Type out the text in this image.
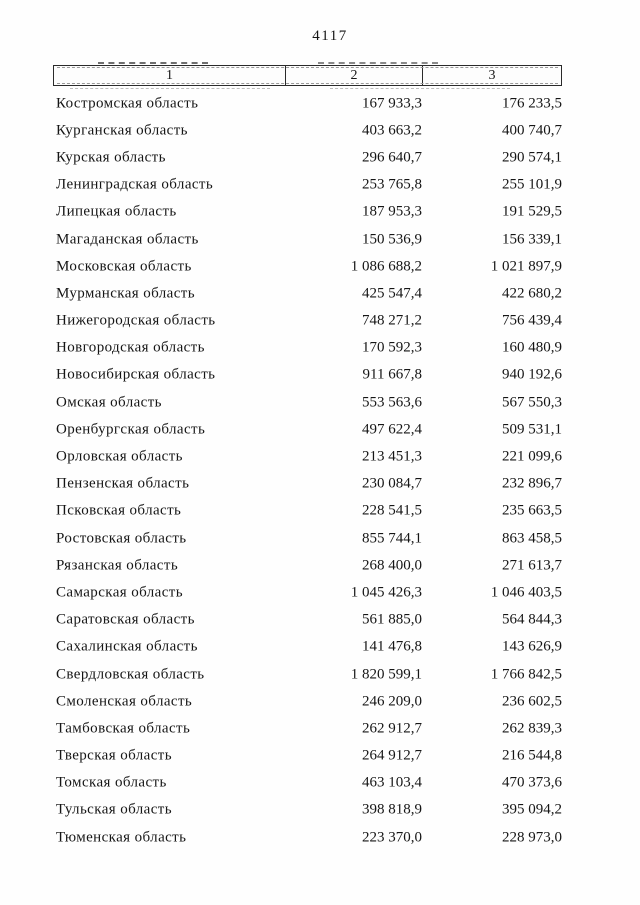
4117
1	2	3
Костромская область	167 933,3	176 233,5
Курганская область	403 663,2	400 740,7
Курская область	296 640,7	290 574,1
Ленинградская область	253 765,8	255 101,9
Липецкая область	187 953,3	191 529,5
Магаданская область	150 536,9	156 339,1
Московская область	1 086 688,2	1 021 897,9
Мурманская область	425 547,4	422 680,2
Нижегородская область	748 271,2	756 439,4
Новгородская область	170 592,3	160 480,9
Новосибирская область	911 667,8	940 192,6
Омская область	553 563,6	567 550,3
Оренбургская область	497 622,4	509 531,1
Орловская область	213 451,3	221 099,6
Пензенская область	230 084,7	232 896,7
Псковская область	228 541,5	235 663,5
Ростовская область	855 744,1	863 458,5
Рязанская область	268 400,0	271 613,7
Самарская область	1 045 426,3	1 046 403,5
Саратовская область	561 885,0	564 844,3
Сахалинская область	141 476,8	143 626,9
Свердловская область	1 820 599,1	1 766 842,5
Смоленская область	246 209,0	236 602,5
Тамбовская область	262 912,7	262 839,3
Тверская область	264 912,7	216 544,8
Томская область	463 103,4	470 373,6
Тульская область	398 818,9	395 094,2
Тюменская область	223 370,0	228 973,0
